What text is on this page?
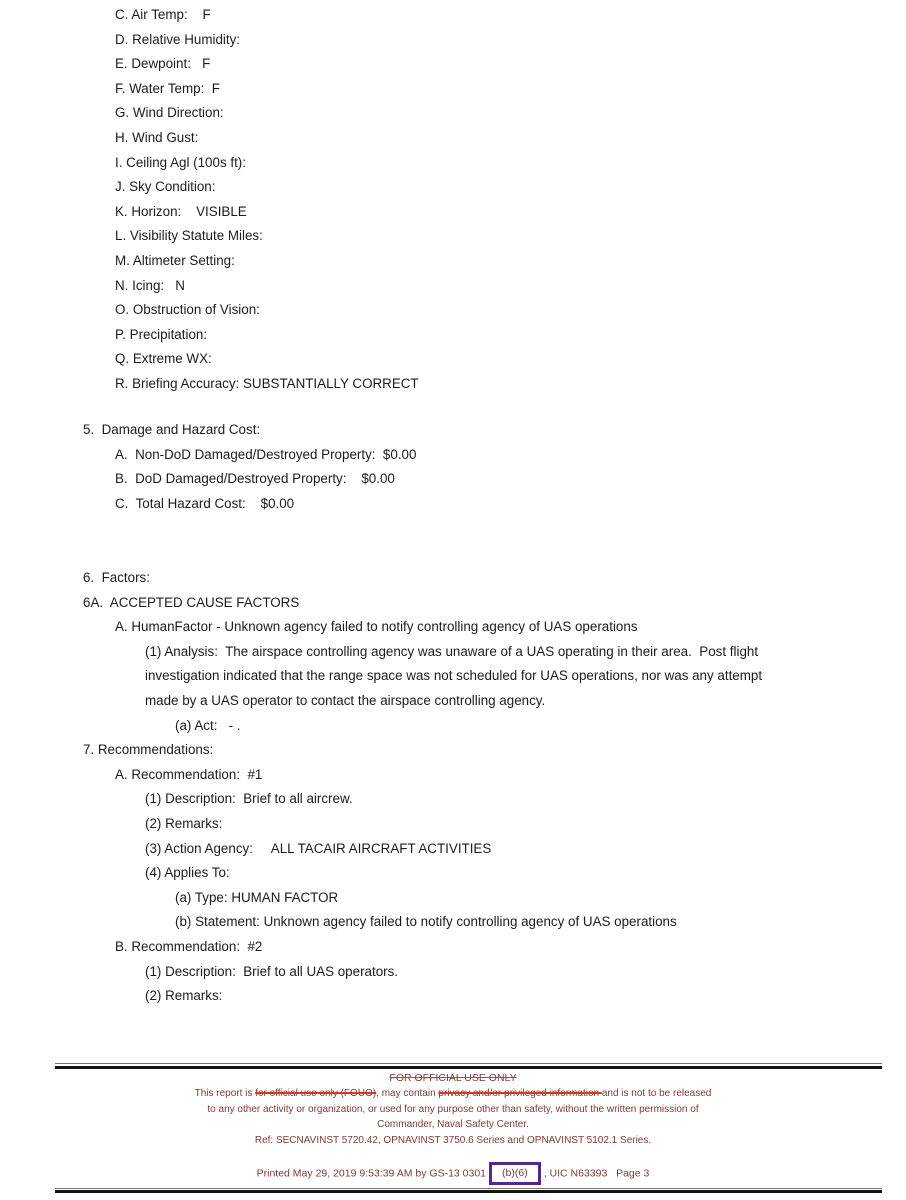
C. Air Temp:    F
D. Relative Humidity:
E. Dewpoint:   F
F. Water Temp:  F
G. Wind Direction:
H. Wind Gust:
I. Ceiling Agl (100s ft):
J. Sky Condition:
K. Horizon:    VISIBLE
L. Visibility Statute Miles:
M. Altimeter Setting:
N. Icing:   N
O. Obstruction of Vision:
P. Precipitation:
Q. Extreme WX:
R. Briefing Accuracy: SUBSTANTIALLY CORRECT
5.  Damage and Hazard Cost:
A.  Non-DoD Damaged/Destroyed Property:  $0.00
B.  DoD Damaged/Destroyed Property:    $0.00
C.  Total Hazard Cost:    $0.00
6.  Factors:
6A.  ACCEPTED CAUSE FACTORS
A. HumanFactor - Unknown agency failed to notify controlling agency of UAS operations
(1) Analysis:  The airspace controlling agency was unaware of a UAS operating in their area.  Post flight
investigation indicated that the range space was not scheduled for UAS operations, nor was any attempt
made by a UAS operator to contact the airspace controlling agency.
(a) Act:   - .
7. Recommendations:
A. Recommendation:  #1
(1) Description:  Brief to all aircrew.
(2) Remarks:
(3) Action Agency:     ALL TACAIR AIRCRAFT ACTIVITIES
(4) Applies To:
(a) Type: HUMAN FACTOR
(b) Statement: Unknown agency failed to notify controlling agency of UAS operations
B. Recommendation:  #2
(1) Description:  Brief to all UAS operators.
(2) Remarks:
FOR OFFICIAL USE ONLY
This report is for official use only (FOUO), may contain privacy and/or privileged information and is not to be released
to any other activity or organization, or used for any purpose other than safety, without the written permission of
Commander, Naval Safety Center.
Ref: SECNAVINST 5720.42, OPNAVINST 3750.6 Series and OPNAVINST 5102.1 Series.
Printed May 29, 2019 9:53:39 AM by GS-13 0301 (b)(6) , UIC N63393   Page 3
